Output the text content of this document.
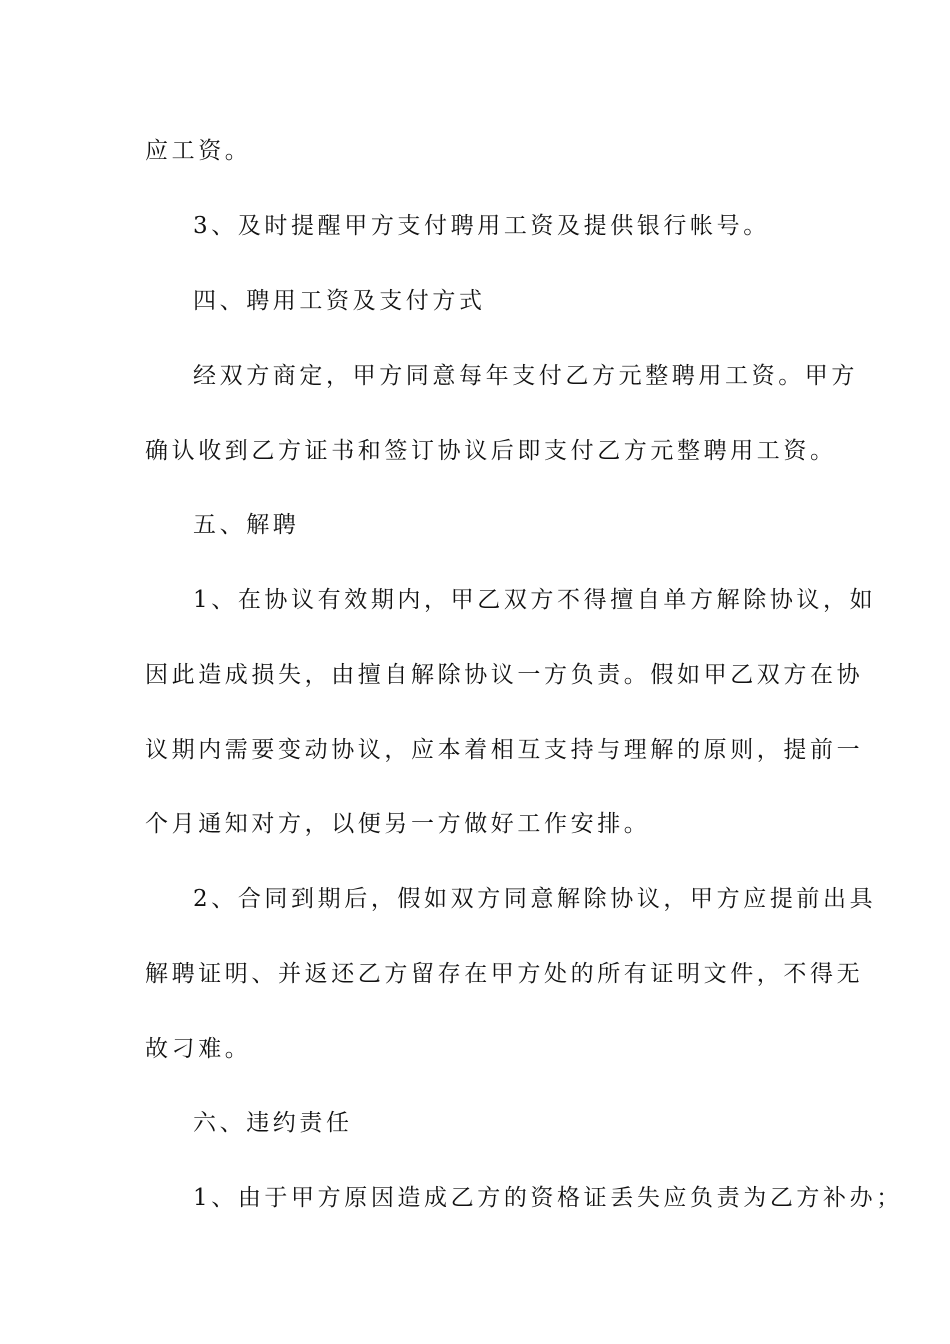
应工资。

3、及时提醒甲方支付聘用工资及提供银行帐号。

四、聘用工资及支付方式

经双方商定，甲方同意每年支付乙方元整聘用工资。甲方

确认收到乙方证书和签订协议后即支付乙方元整聘用工资。

五、解聘

1、在协议有效期内，甲乙双方不得擅自单方解除协议，如

因此造成损失，由擅自解除协议一方负责。假如甲乙双方在协

议期内需要变动协议，应本着相互支持与理解的原则，提前一

个月通知对方，以便另一方做好工作安排。

2、合同到期后，假如双方同意解除协议，甲方应提前出具

解聘证明、并返还乙方留存在甲方处的所有证明文件，不得无

故刁难。

六、违约责任

1、由于甲方原因造成乙方的资格证丢失应负责为乙方补办；
